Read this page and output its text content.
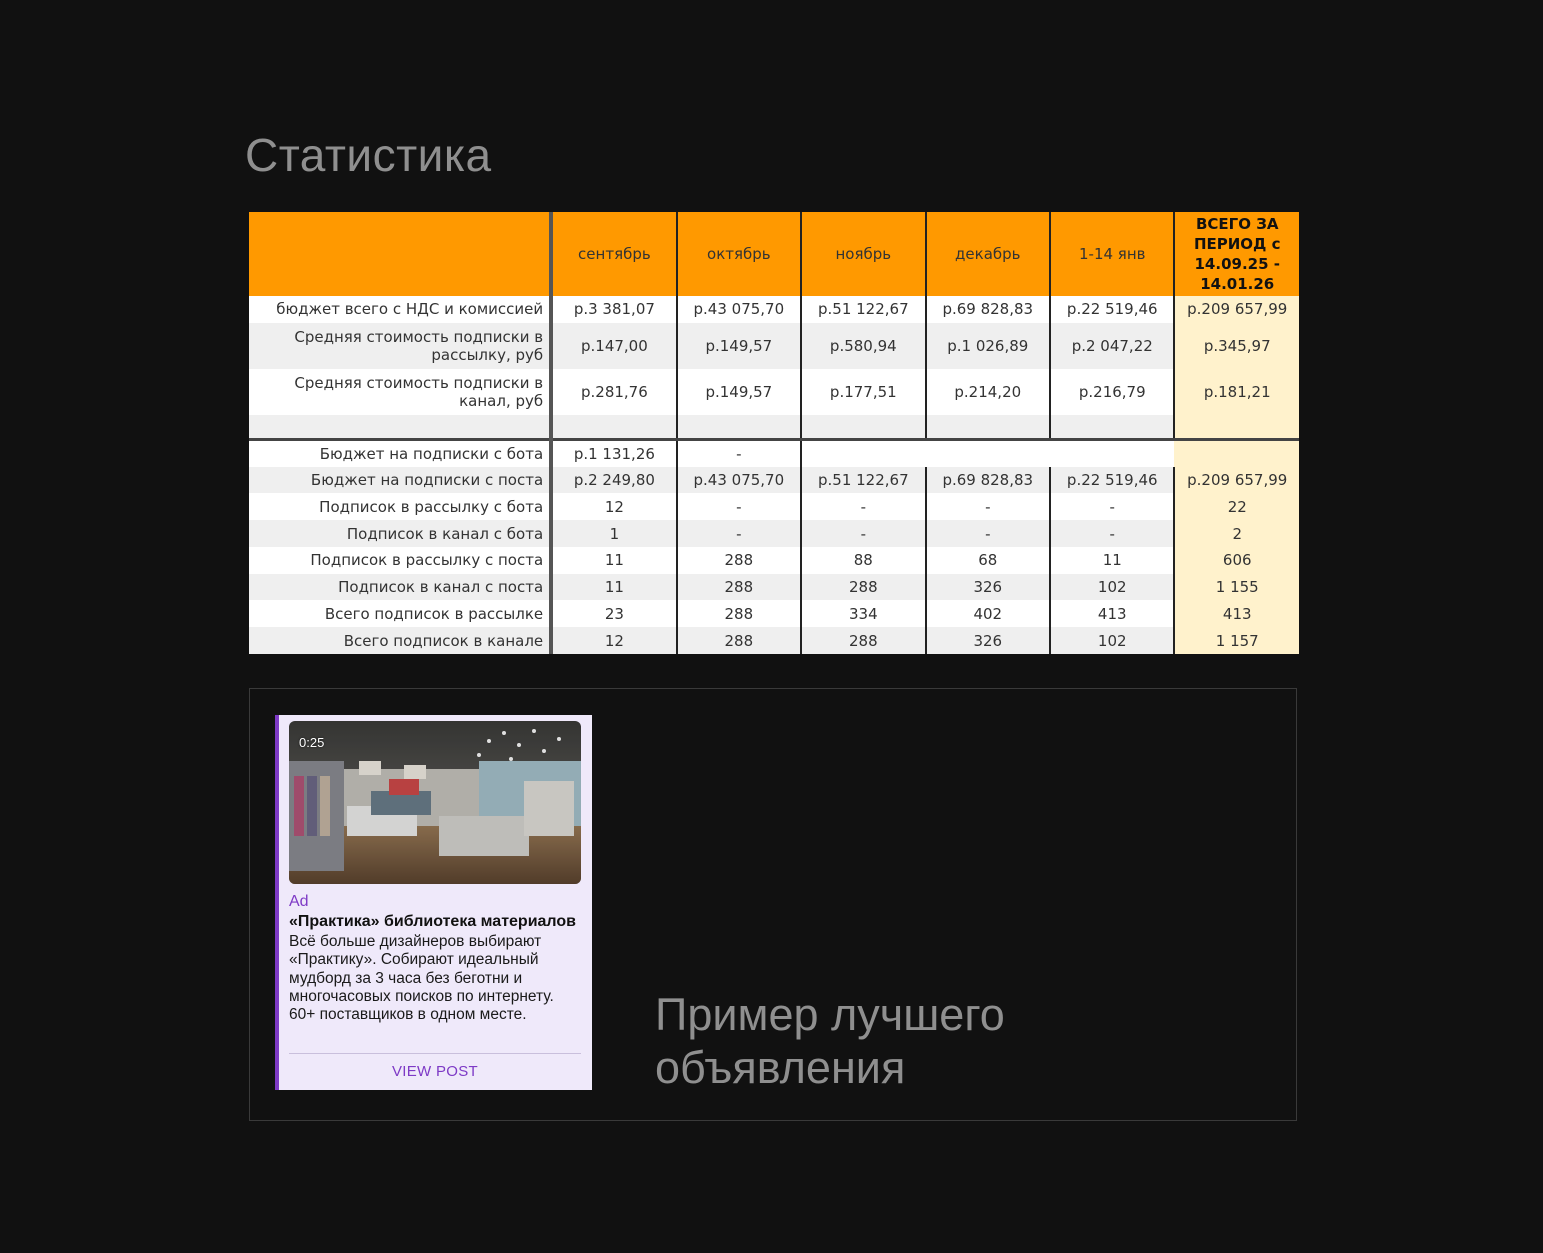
Статистика
	сентябрь	октябрь	ноябрь	декабрь	1-14 янв	ВСЕГО ЗА ПЕРИОД с 14.09.25 - 14.01.26
бюджет всего с НДС и комиссией	р.3 381,07	р.43 075,70	р.51 122,67	р.69 828,83	р.22 519,46	р.209 657,99
Средняя стоимость подписки в рассылку, руб	р.147,00	р.149,57	р.580,94	р.1 026,89	р.2 047,22	р.345,97
Средняя стоимость подписки в канал, руб	р.281,76	р.149,57	р.177,51	р.214,20	р.216,79	р.181,21

Бюджет на подписки с бота	р.1 131,26	-				
Бюджет на подписки с поста	р.2 249,80	р.43 075,70	р.51 122,67	р.69 828,83	р.22 519,46	р.209 657,99
Подписок в рассылку с бота	12	-	-	-	-	22
Подписок в канал с бота	1	-	-	-	-	2
Подписок в рассылку с поста	11	288	88	68	11	606
Подписок в канал с поста	11	288	288	326	102	1 155
Всего подписок в рассылке	23	288	334	402	413	413
Всего подписок в канале	12	288	288	326	102	1 157
0:25
Ad
«Практика» библиотека материалов
Всё больше дизайнеров выбирают «Практику». Собирают идеальный мудборд за 3 часа без беготни и многочасовых поисков по интернету. 60+ поставщиков в одном месте.
VIEW POST
Пример лучшего объявления
